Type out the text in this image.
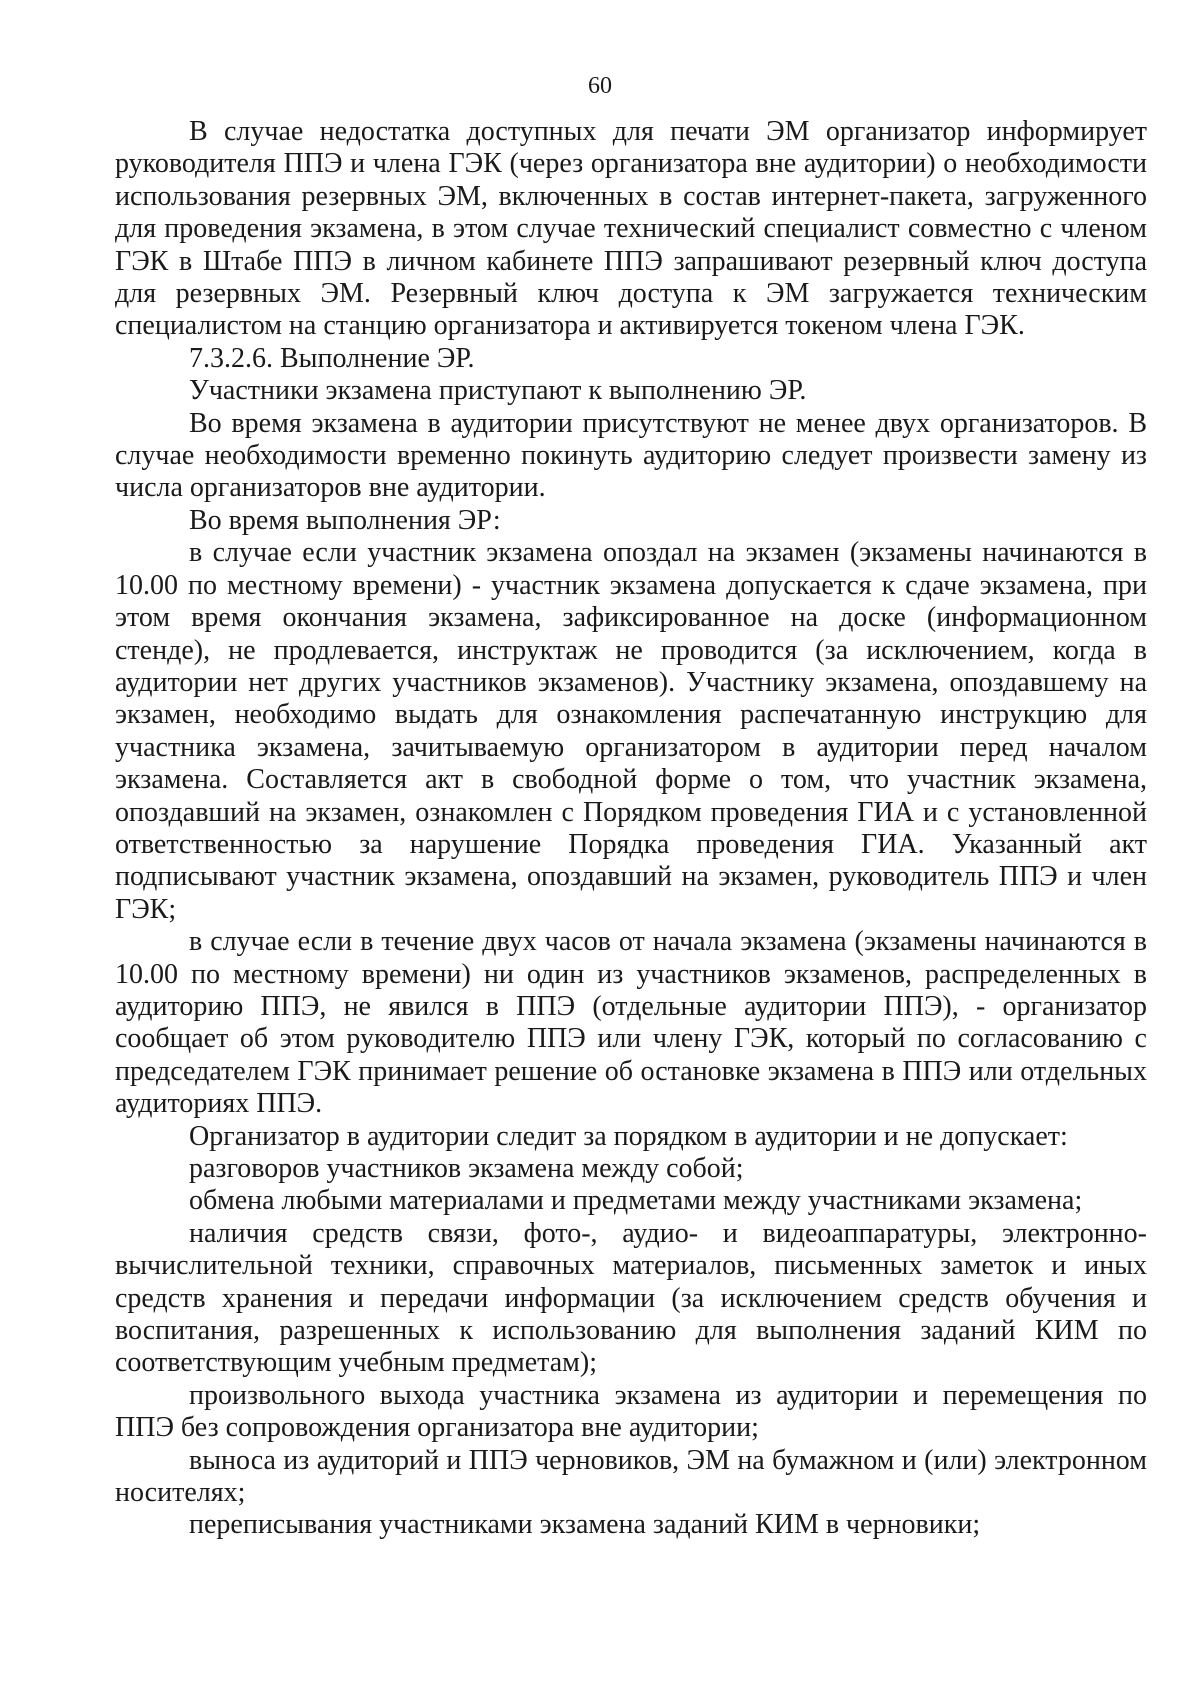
60

В случае недостатка доступных для печати ЭМ организатор информирует руководителя ППЭ и члена ГЭК (через организатора вне аудитории) о необходимости использования резервных ЭМ, включенных в состав интернет-пакета, загруженного для проведения экзамена, в этом случае технический специалист совместно с членом ГЭК в Штабе ППЭ в личном кабинете ППЭ запрашивают резервный ключ доступа для резервных ЭМ. Резервный ключ доступа к ЭМ загружается техническим специалистом на станцию организатора и активируется токеном члена ГЭК.

7.3.2.6. Выполнение ЭР.

Участники экзамена приступают к выполнению ЭР.

Во время экзамена в аудитории присутствуют не менее двух организаторов. В случае необходимости временно покинуть аудиторию следует произвести замену из числа организаторов вне аудитории.

Во время выполнения ЭР:

в случае если участник экзамена опоздал на экзамен (экзамены начинаются в 10.00 по местному времени) - участник экзамена допускается к сдаче экзамена, при этом время окончания экзамена, зафиксированное на доске (информационном стенде), не продлевается, инструктаж не проводится (за исключением, когда в аудитории нет других участников экзаменов). Участнику экзамена, опоздавшему на экзамен, необходимо выдать для ознакомления распечатанную инструкцию для участника экзамена, зачитываемую организатором в аудитории перед началом экзамена. Составляется акт в свободной форме о том, что участник экзамена, опоздавший на экзамен, ознакомлен с Порядком проведения ГИА и с установленной ответственностью за нарушение Порядка проведения ГИА. Указанный акт подписывают участник экзамена, опоздавший на экзамен, руководитель ППЭ и член ГЭК;

в случае если в течение двух часов от начала экзамена (экзамены начинаются в 10.00 по местному времени) ни один из участников экзаменов, распределенных в аудиторию ППЭ, не явился в ППЭ (отдельные аудитории ППЭ), - организатор сообщает об этом руководителю ППЭ или члену ГЭК, который по согласованию с председателем ГЭК принимает решение об остановке экзамена в ППЭ или отдельных аудиториях ППЭ.

Организатор в аудитории следит за порядком в аудитории и не допускает:

разговоров участников экзамена между собой;

обмена любыми материалами и предметами между участниками экзамена;

наличия средств связи, фото-, аудио- и видеоаппаратуры, электронно-вычислительной техники, справочных материалов, письменных заметок и иных средств хранения и передачи информации (за исключением средств обучения и воспитания, разрешенных к использованию для выполнения заданий КИМ по соответствующим учебным предметам);

произвольного выхода участника экзамена из аудитории и перемещения по ППЭ без сопровождения организатора вне аудитории;

выноса из аудиторий и ППЭ черновиков, ЭМ на бумажном и (или) электронном носителях;

переписывания участниками экзамена заданий КИМ в черновики;
